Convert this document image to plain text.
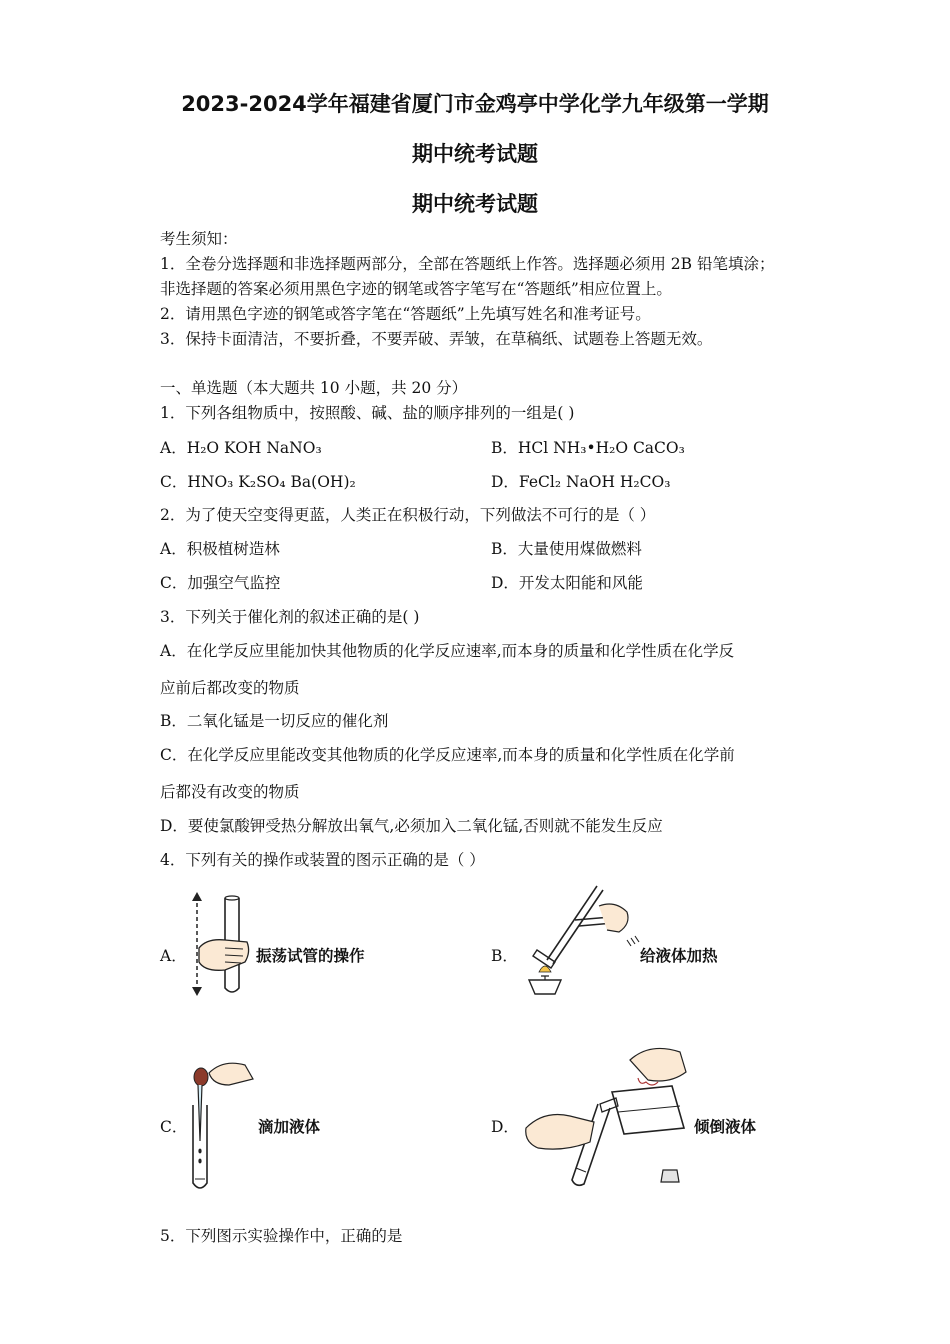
2023-2024学年福建省厦门市金鸡亭中学化学九年级第一学期
期中统考试题
期中统考试题
考生须知：
1．全卷分选择题和非选择题两部分，全部在答题纸上作答。选择题必须用 2B 铅笔填涂；
非选择题的答案必须用黑色字迹的钢笔或答字笔写在“答题纸”相应位置上。
2．请用黑色字迹的钢笔或答字笔在“答题纸”上先填写姓名和准考证号。
3．保持卡面清洁，不要折叠，不要弄破、弄皱，在草稿纸、试题卷上答题无效。
一、单选题（本大题共 10 小题，共 20 分）
1．下列各组物质中，按照酸、碱、盐的顺序排列的一组是( )
A．H₂O KOH NaNO₃	B．HCl NH₃•H₂O CaCO₃
C．HNO₃ K₂SO₄ Ba(OH)₂	D．FeCl₂ NaOH H₂CO₃
2．为了使天空变得更蓝，人类正在积极行动，下列做法不可行的是（ ）
A．积极植树造林	B．大量使用煤做燃料
C．加强空气监控	D．开发太阳能和风能
3．下列关于催化剂的叙述正确的是( )
A．在化学反应里能加快其他物质的化学反应速率,而本身的质量和化学性质在化学反
应前后都改变的物质
B．二氧化锰是一切反应的催化剂
C．在化学反应里能改变其他物质的化学反应速率,而本身的质量和化学性质在化学前
后都没有改变的物质
D．要使氯酸钾受热分解放出氧气,必须加入二氧化锰,否则就不能发生反应
4．下列有关的操作或装置的图示正确的是（ ）
A．	振荡试管的操作	B．	给液体加热
C．	滴加液体	D．	倾倒液体
5．下列图示实验操作中，正确的是
